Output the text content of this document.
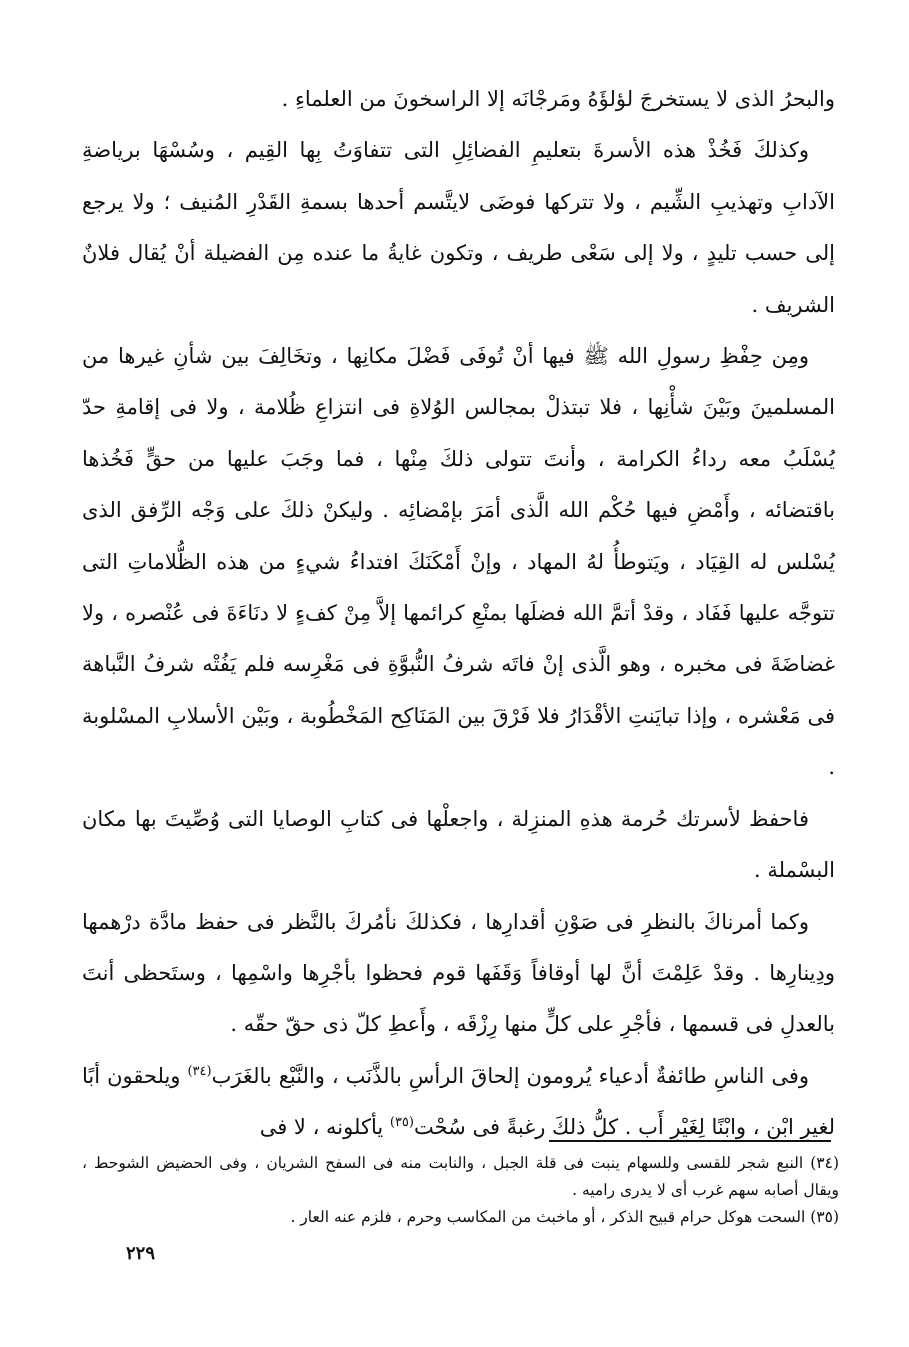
والبحرُ الذى لا يستخرجَ لؤلؤَهُ ومَرجْانَه إلا الراسخونَ من العلماءِ .

وكذلكَ فَخُذْ هذه الأسرةَ بتعليمِ الفضائِلِ التى تتفاوَتُ بِها القِيم ، وسُسْهَا برياضةِ الآدابِ وتهذيبِ الشِّيم ، ولا تتركها فوضَى لايتَّسم أحدها بسمةِ القَدْرِ المُنيف ؛ ولا يرجع إلى حسب تليدٍ ، ولا إلى سَعْى طريف ، وتكون غايةُ ما عنده مِن الفضيلة أنْ يُقال فلانٌ الشريف .

ومِن حِفْظِ رسولِ الله ﷺ فيها أنْ تُوفَى فَضْلَ مكانِها ، وتخَالِفَ بين شأنِ غيرها من المسلمينَ وبَيْنَ شأْنِها ، فلا تبتذلْ بمجالس الوُلاةِ فى انتزاعِ ظُلامة ، ولا فى إقامةِ حدّ يُسْلَبُ معه رداءُ الكرامة ، وأنتَ تتولى ذلكَ مِنْها ، فما وجَبَ عليها من حقٍّ فَخُذها باقتضائه ، وأَمْضِ فيها حُكْم الله الَّذى أمَرَ بإمْضائِه . وليكنْ ذلكَ على وَجْه الرِّفق الذى يُسْلس له القِيَاد ، ويَتوطأُ لهُ المهاد ، وإنْ أَمْكَنَكَ افتداءُ شيءٍ من هذه الظُّلاماتِ التى تتوجَّه عليها فَفَاد ، وقدْ أتمَّ الله فضلَها بمنْعِ كرائمها إلاَّ مِنْ كفءٍ لا دنَاءَةَ فى عُنْصره ، ولا غضاضَةَ فى مخبره ، وهو الَّذى إنْ فاتَه شرفُ النُّبوَّةِ فى مَغْرِسه فلم يَفُتْه شرفُ النَّباهة فى مَعْشره ، وإذا تبايَنتِ الأقْدَارُ فلا فَرْقَ بين المَنَاكِح المَخْطُوبة ، وبَيْن الأسلابِ المسْلوبة .

فاحفظ لأسرتك حُرمة هذهِ المنزِلة ، واجعلْها فى كتابِ الوصايا التى وُصِّيتَ بها مكان البسْملة .

وكما أمرناكَ بالنظرِ فى صَوْنِ أقدارِها ، فكذلكَ نأمُركَ بالنَّظر فى حفظ مادَّة درْهمها ودِينارِها . وقدْ عَلِمْتَ أنَّ لها أوقافاً وَقَفَها قوم فحظوا بأجْرِها واسْمِها ، وستَحظى أنتَ بالعدلِ فى قسمها ، فأجْرِ على كلٍّ منها رِزْقَه ، وأَعطِ كلّ ذى حقّ حقّه .

وفى الناسِ طائفةٌ أدعياء يُرومون إلحاقَ الرأسِ بالذَّنَب ، والنَّبْع بالغَرَب$^{(٣٤)}$ ويلحقون أبًا لغيرِ ابْن ، وابْنًا لِغَيْرِ أَب . كلُّ ذلكَ رغبةً فى سُحْت$^{(٣٥)}$ يأكلونه ، لا فى

(٣٤) النبع شجر للقسى وللسهام ينبت فى قلة الجبل ، والنابت منه فى السفح الشريان ، وفى الحضيض الشوحط ، ويقال أصابه سهم غرب أى لا يدرى راميه .

(٣٥) السحت هوكل حرام قبيح الذكر ، أو ماخبث من المكاسب وحرم ، فلزم عنه العار .

٢٢٩
